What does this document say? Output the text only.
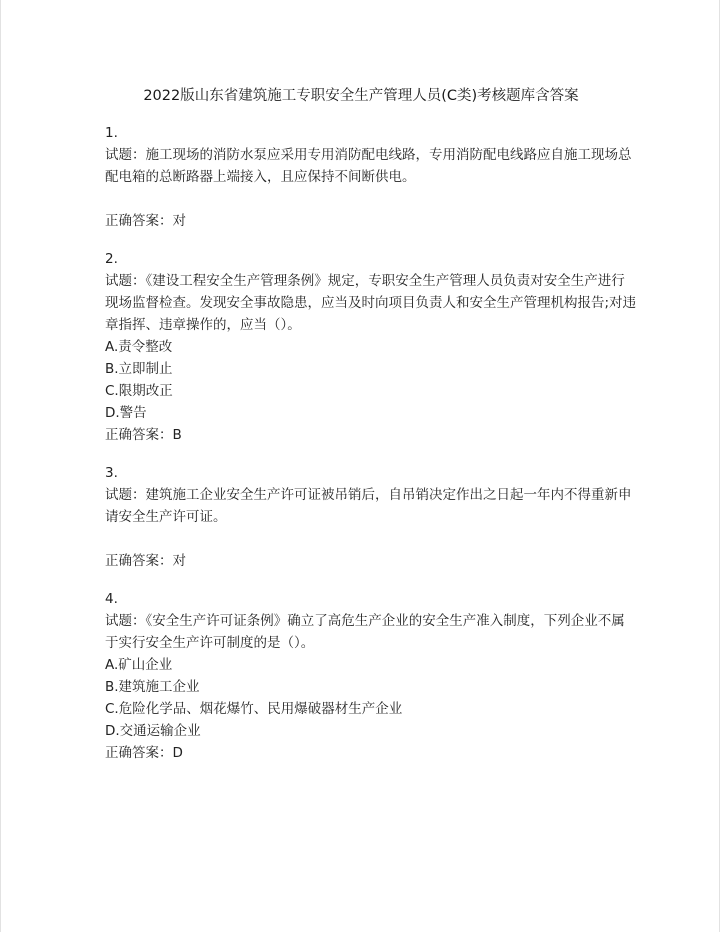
2022版山东省建筑施工专职安全生产管理人员(C类)考核题库含答案
1.
试题：施工现场的消防水泵应采用专用消防配电线路，专用消防配电线路应自施工现场总
配电箱的总断路器上端接入，且应保持不间断供电。
正确答案：对
2.
试题：《建设工程安全生产管理条例》规定，专职安全生产管理人员负责对安全生产进行
现场监督检查。发现安全事故隐患，应当及时向项目负责人和安全生产管理机构报告;对违
章指挥、违章操作的，应当（）。
A.责令整改
B.立即制止
C.限期改正
D.警告
正确答案：B
3.
试题：建筑施工企业安全生产许可证被吊销后，自吊销决定作出之日起一年内不得重新申
请安全生产许可证。
正确答案：对
4.
试题：《安全生产许可证条例》确立了高危生产企业的安全生产准入制度，下列企业不属
于实行安全生产许可制度的是（）。
A.矿山企业
B.建筑施工企业
C.危险化学品、烟花爆竹、民用爆破器材生产企业
D.交通运输企业
正确答案：D
